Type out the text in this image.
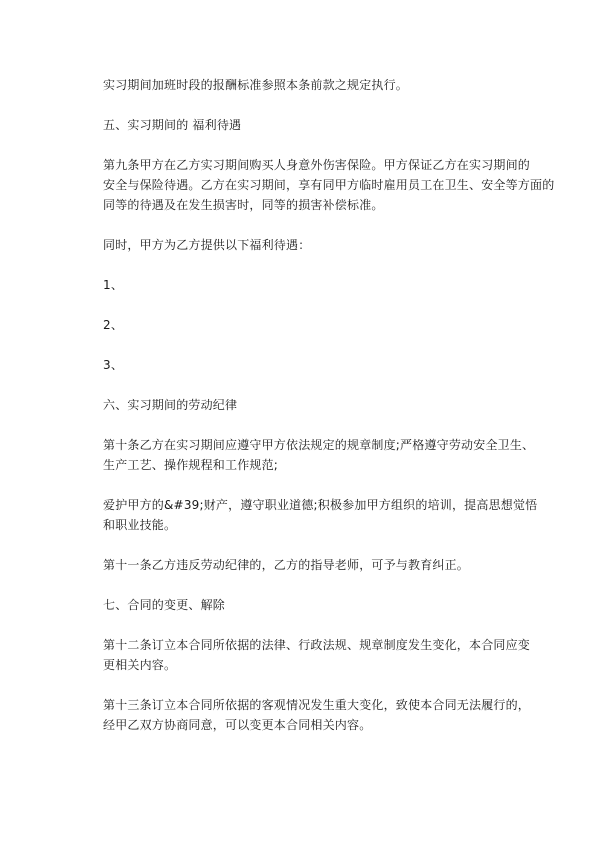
实习期间加班时段的报酬标准参照本条前款之规定执行。
五、实习期间的 福利待遇
第九条甲方在乙方实习期间购买人身意外伤害保险。甲方保证乙方在实习期间的
安全与保险待遇。乙方在实习期间，享有同甲方临时雇用员工在卫生、安全等方面的
同等的待遇及在发生损害时，同等的损害补偿标准。
同时，甲方为乙方提供以下福利待遇：
1、
2、
3、
六、实习期间的劳动纪律
第十条乙方在实习期间应遵守甲方依法规定的规章制度;严格遵守劳动安全卫生、
生产工艺、操作规程和工作规范;
爱护甲方的&#39;财产，遵守职业道德;积极参加甲方组织的培训，提高思想觉悟
和职业技能。
第十一条乙方违反劳动纪律的，乙方的指导老师，可予与教育纠正。
七、合同的变更、解除
第十二条订立本合同所依据的法律、行政法规、规章制度发生变化，本合同应变
更相关内容。
第十三条订立本合同所依据的客观情况发生重大变化，致使本合同无法履行的，
经甲乙双方协商同意，可以变更本合同相关内容。
